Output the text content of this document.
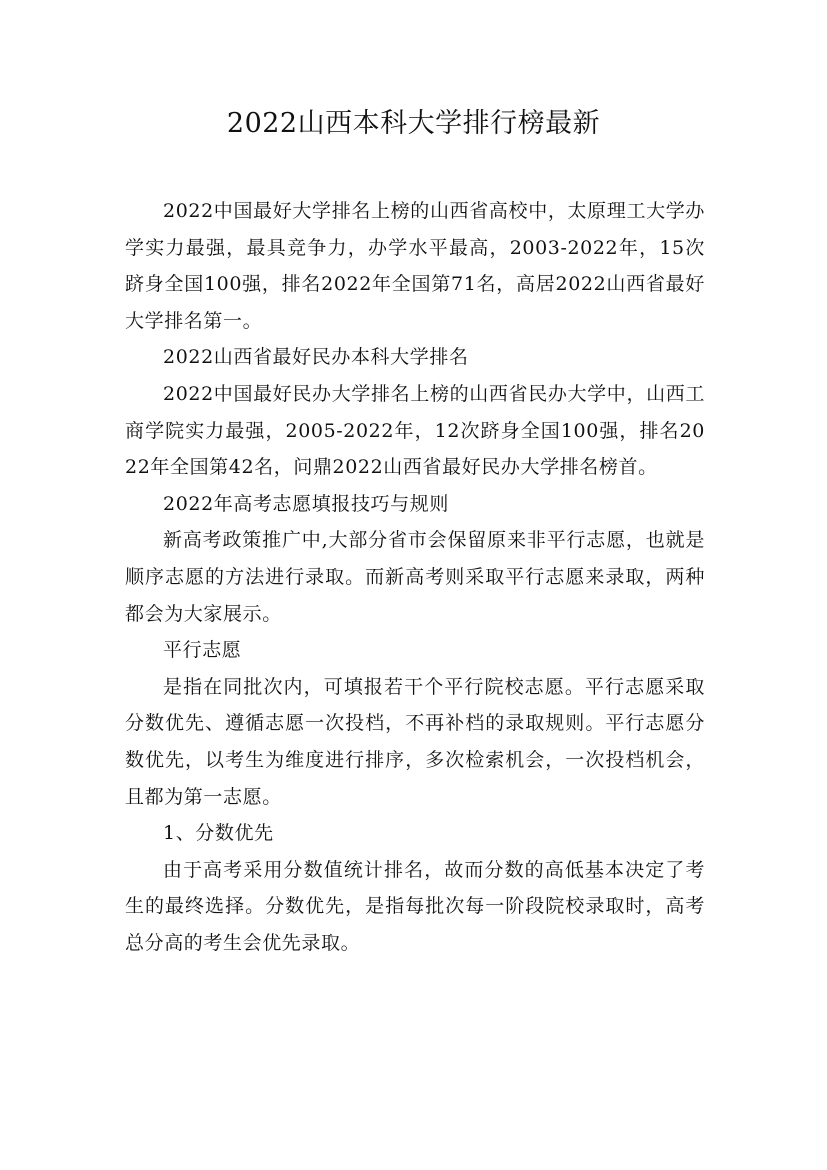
2022山西本科大学排行榜最新

2022中国最好大学排名上榜的山西省高校中，太原理工大学办学实力最强，最具竞争力，办学水平最高，2003-2022年，15次跻身全国100强，排名2022年全国第71名，高居2022山西省最好大学排名第一。

2022山西省最好民办本科大学排名

2022中国最好民办大学排名上榜的山西省民办大学中，山西工商学院实力最强，2005-2022年，12次跻身全国100强，排名2022年全国第42名，问鼎2022山西省最好民办大学排名榜首。

2022年高考志愿填报技巧与规则

新高考政策推广中,大部分省市会保留原来非平行志愿，也就是顺序志愿的方法进行录取。而新高考则采取平行志愿来录取，两种都会为大家展示。

平行志愿

是指在同批次内，可填报若干个平行院校志愿。平行志愿采取分数优先、遵循志愿一次投档，不再补档的录取规则。平行志愿分数优先，以考生为维度进行排序，多次检索机会，一次投档机会，且都为第一志愿。

1、分数优先

由于高考采用分数值统计排名，故而分数的高低基本决定了考生的最终选择。分数优先，是指每批次每一阶段院校录取时，高考总分高的考生会优先录取。
